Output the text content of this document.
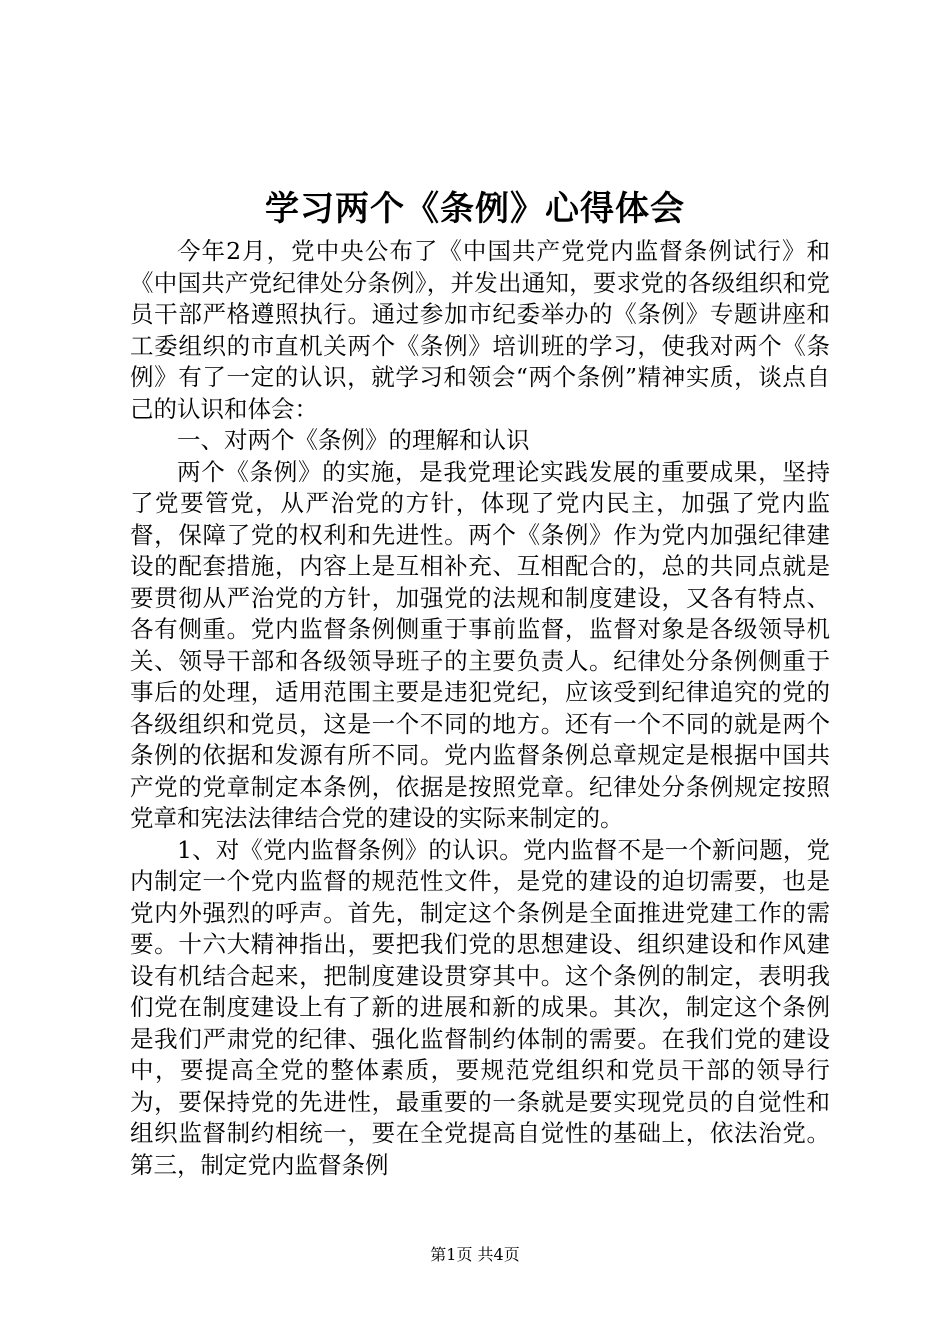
学习两个《条例》心得体会

今年2月，党中央公布了《中国共产党党内监督条例试行》和《中国共产党纪律处分条例》，并发出通知，要求党的各级组织和党员干部严格遵照执行。通过参加市纪委举办的《条例》专题讲座和工委组织的市直机关两个《条例》培训班的学习，使我对两个《条例》有了一定的认识，就学习和领会“两个条例”精神实质，谈点自己的认识和体会：

一、对两个《条例》的理解和认识

两个《条例》的实施，是我党理论实践发展的重要成果，坚持了党要管党，从严治党的方针，体现了党内民主，加强了党内监督，保障了党的权利和先进性。两个《条例》作为党内加强纪律建设的配套措施，内容上是互相补充、互相配合的，总的共同点就是要贯彻从严治党的方针，加强党的法规和制度建设，又各有特点、各有侧重。党内监督条例侧重于事前监督，监督对象是各级领导机关、领导干部和各级领导班子的主要负责人。纪律处分条例侧重于事后的处理，适用范围主要是违犯党纪，应该受到纪律追究的党的各级组织和党员，这是一个不同的地方。还有一个不同的就是两个条例的依据和发源有所不同。党内监督条例总章规定是根据中国共产党的党章制定本条例，依据是按照党章。纪律处分条例规定按照党章和宪法法律结合党的建设的实际来制定的。

1、对《党内监督条例》的认识。党内监督不是一个新问题，党内制定一个党内监督的规范性文件，是党的建设的迫切需要，也是党内外强烈的呼声。首先，制定这个条例是全面推进党建工作的需要。十六大精神指出，要把我们党的思想建设、组织建设和作风建设有机结合起来，把制度建设贯穿其中。这个条例的制定，表明我们党在制度建设上有了新的进展和新的成果。其次，制定这个条例是我们严肃党的纪律、强化监督制约体制的需要。在我们党的建设中，要提高全党的整体素质，要规范党组织和党员干部的领导行为，要保持党的先进性，最重要的一条就是要实现党员的自觉性和组织监督制约相统一，要在全党提高自觉性的基础上，依法治党。第三，制定党内监督条例

第1页 共4页
